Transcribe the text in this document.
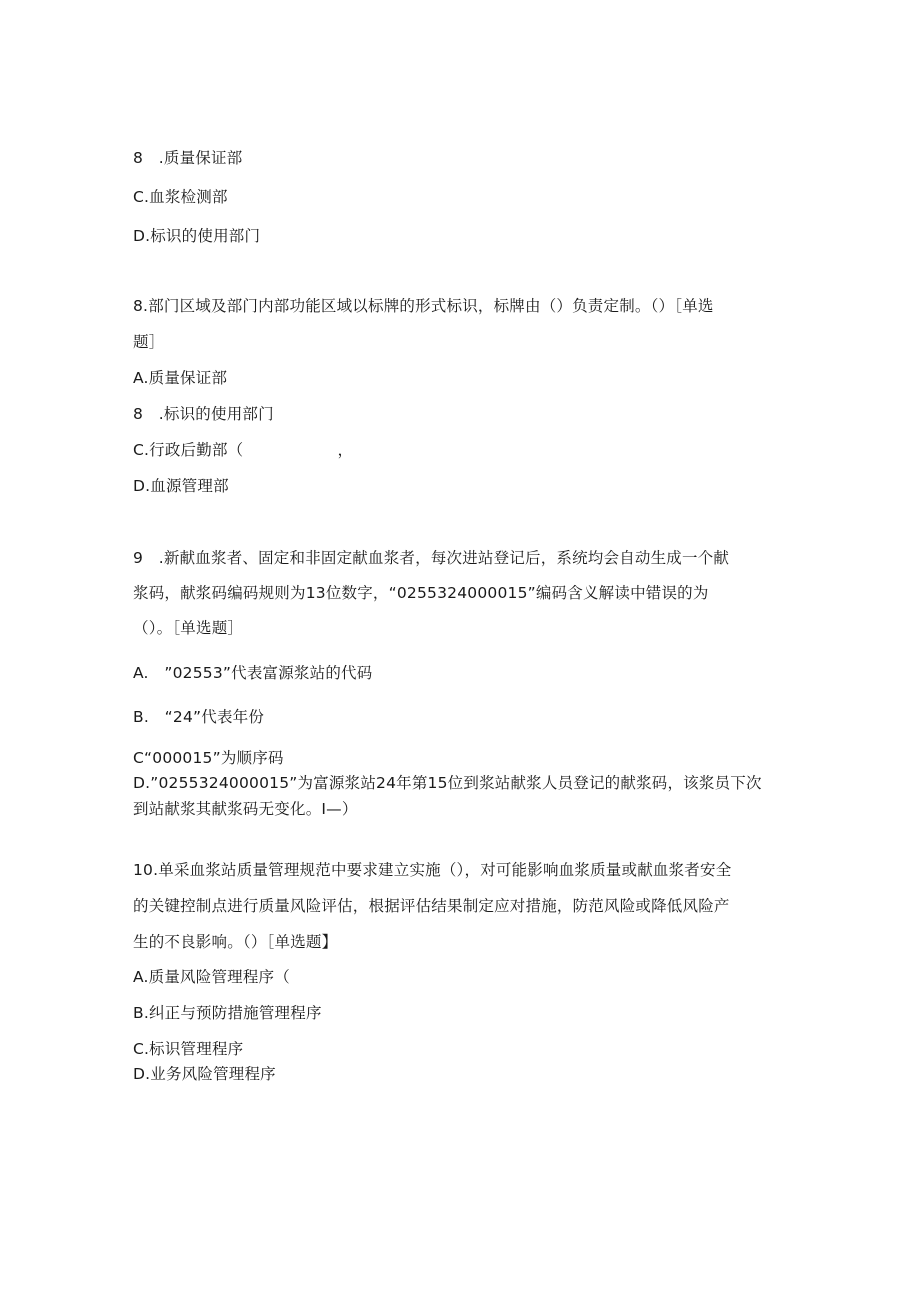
8　.质量保证部
C.血浆检测部
D.标识的使用部门
8.部门区域及部门内部功能区域以标牌的形式标识，标牌由（）负责定制。（）［单选
题］
A.质量保证部
8　.标识的使用部门
C.行政后勤部（　　　　　　，
D.血源管理部
9　.新献血浆者、固定和非固定献血浆者，每次进站登记后，系统均会自动生成一个献
浆码，献浆码编码规则为13位数字，“0255324000015”编码含义解读中错误的为
（）。［单选题］
A.　”02553”代表富源浆站的代码
B.　“24”代表年份
C“000015”为顺序码
D.”0255324000015”为富源浆站24年第15位到浆站献浆人员登记的献浆码，该浆员下次
到站献浆其献浆码无变化。I—）
10.单采血浆站质量管理规范中要求建立实施（），对可能影响血浆质量或献血浆者安全
的关键控制点进行质量风险评估，根据评估结果制定应对措施，防范风险或降低风险产
生的不良影响。（）［单选题】
A.质量风险管理程序（
B.纠正与预防措施管理程序
C.标识管理程序
D.业务风险管理程序
